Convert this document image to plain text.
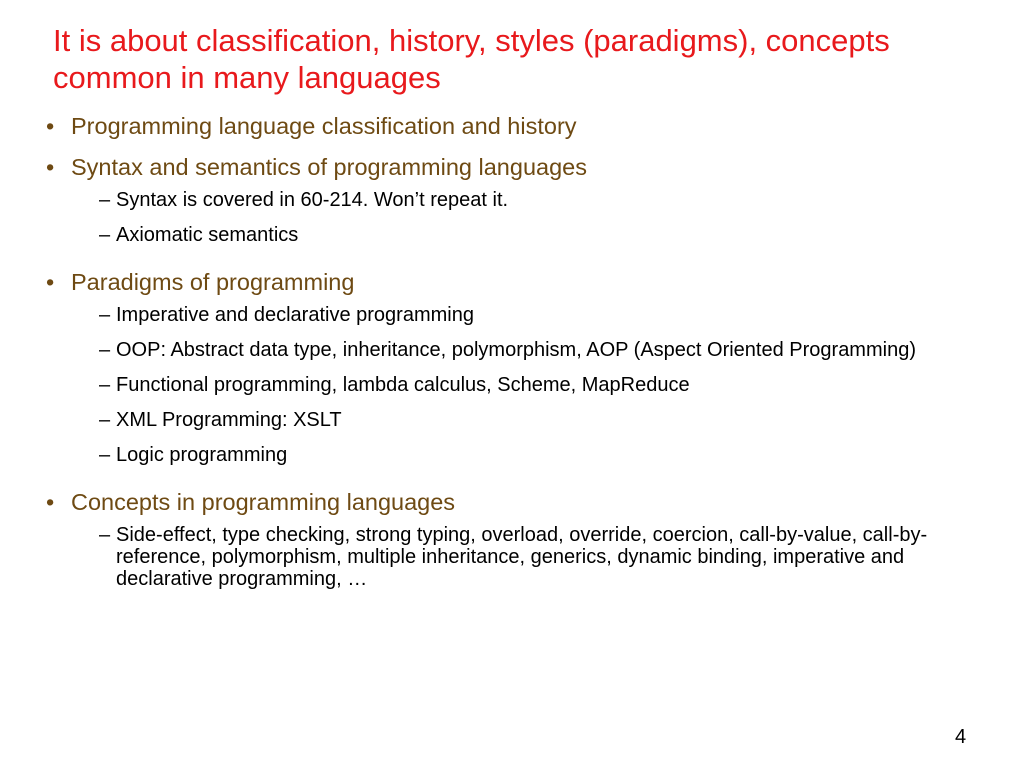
It is about classification, history, styles (paradigms), concepts common in many languages
• Programming language classification and history
• Syntax and semantics of programming languages
– Syntax is covered in 60-214. Won’t repeat it.
– Axiomatic semantics
• Paradigms of programming
– Imperative and declarative programming
– OOP: Abstract data type, inheritance, polymorphism, AOP (Aspect Oriented Programming)
– Functional programming, lambda calculus, Scheme, MapReduce
– XML Programming: XSLT
– Logic programming
• Concepts in programming languages
– Side-effect, type checking, strong typing, overload, override, coercion, call-by-value, call-by-reference, polymorphism, multiple inheritance, generics, dynamic binding, imperative and declarative programming, …
4
